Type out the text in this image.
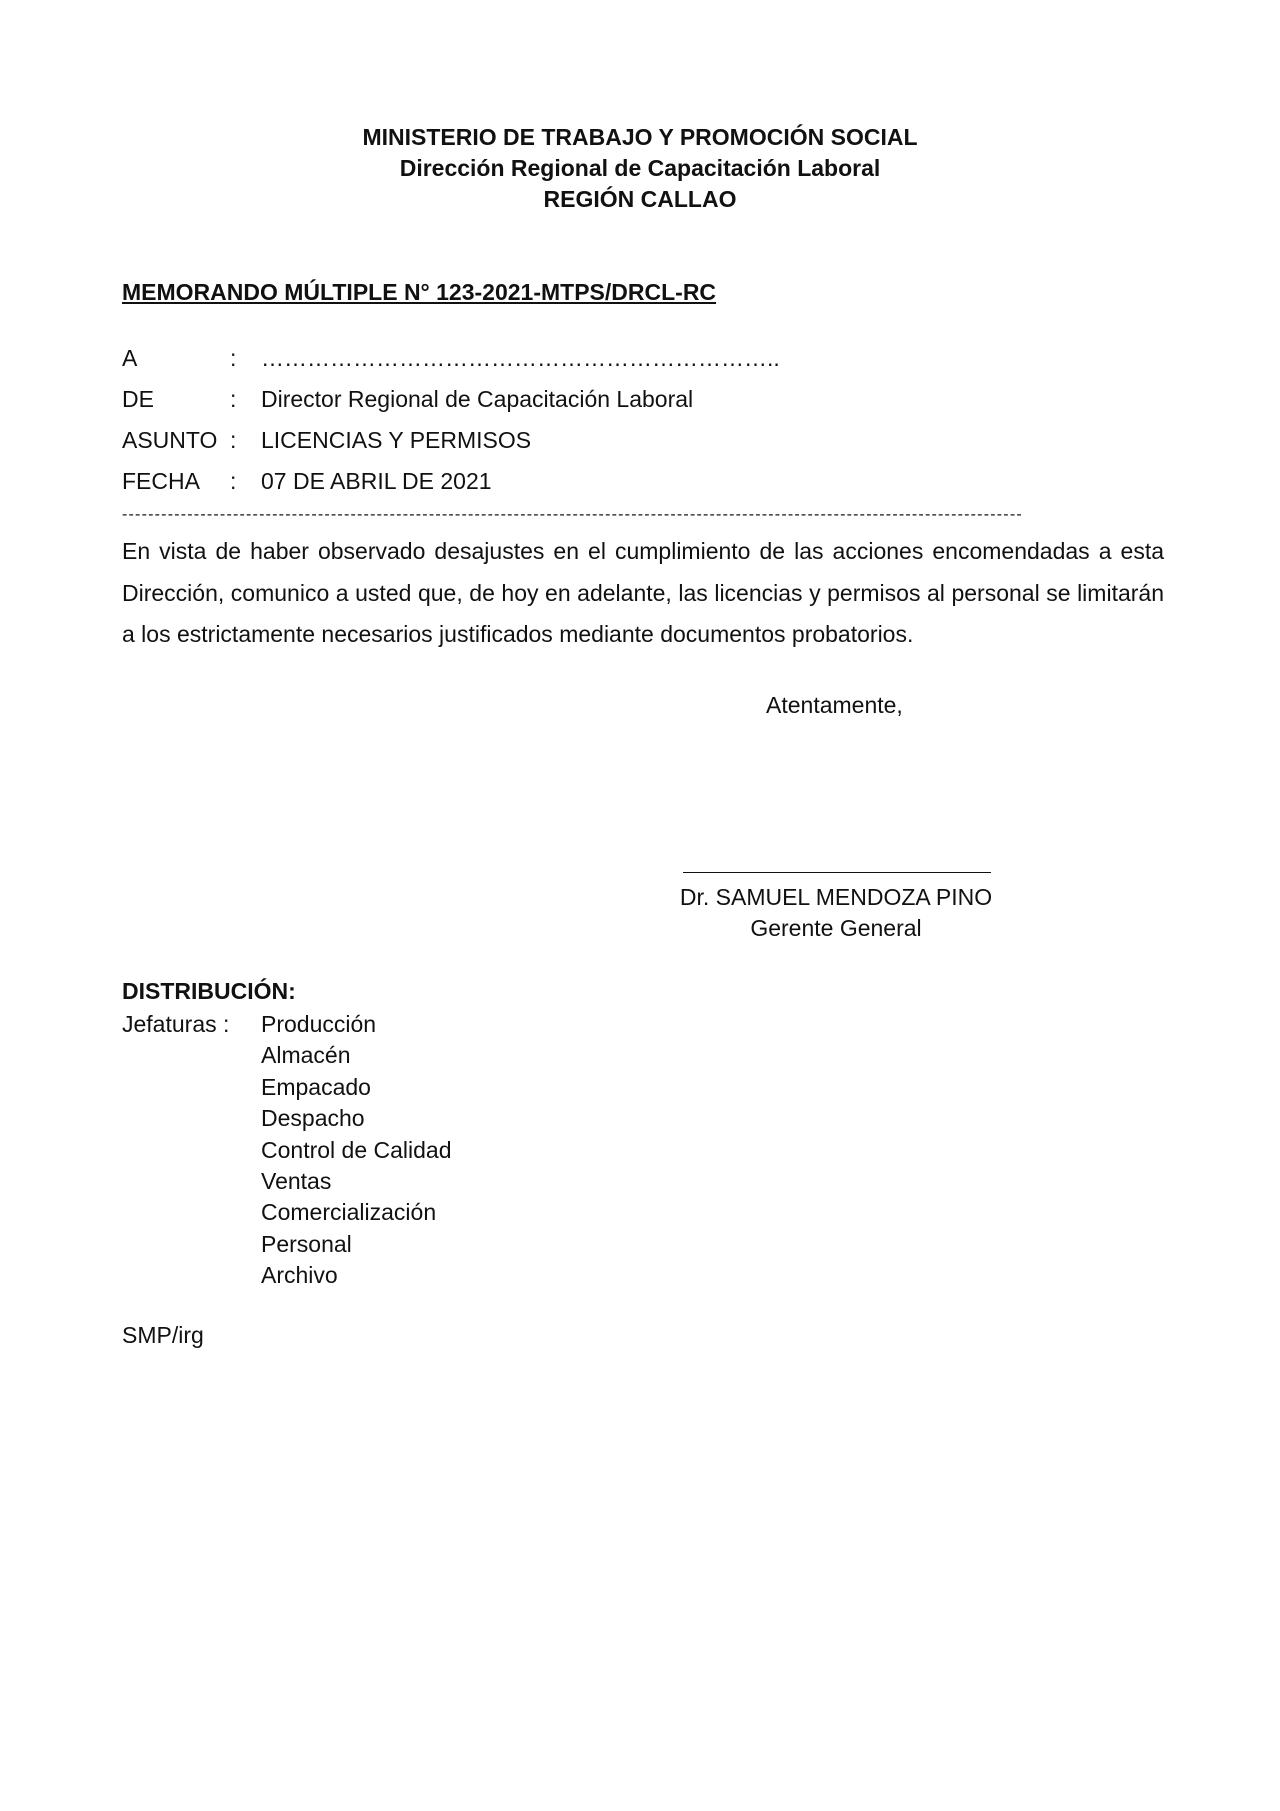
MINISTERIO DE TRABAJO Y PROMOCIÓN SOCIAL
Dirección Regional de Capacitación Laboral
REGIÓN CALLAO
MEMORANDO MÚLTIPLE N° 123-2021-MTPS/DRCL-RC
A	: …………………………………………………………..
DE	: Director Regional de Capacitación Laboral
ASUNTO : LICENCIAS Y PERMISOS
FECHA : 07 DE ABRIL DE 2021
------------------------------------------------------------------------------------------------------------------------------------------
En vista de haber observado desajustes en el cumplimiento de las acciones encomendadas a esta Dirección, comunico a usted que, de hoy en adelante, las licencias y permisos al personal se limitarán a los estrictamente necesarios justificados mediante documentos probatorios.
Atentamente,
Dr. SAMUEL MENDOZA PINO
Gerente General
DISTRIBUCIÓN:
Jefaturas : Producción
Almacén
Empacado
Despacho
Control de Calidad
Ventas
Comercialización
Personal
Archivo
SMP/irg
